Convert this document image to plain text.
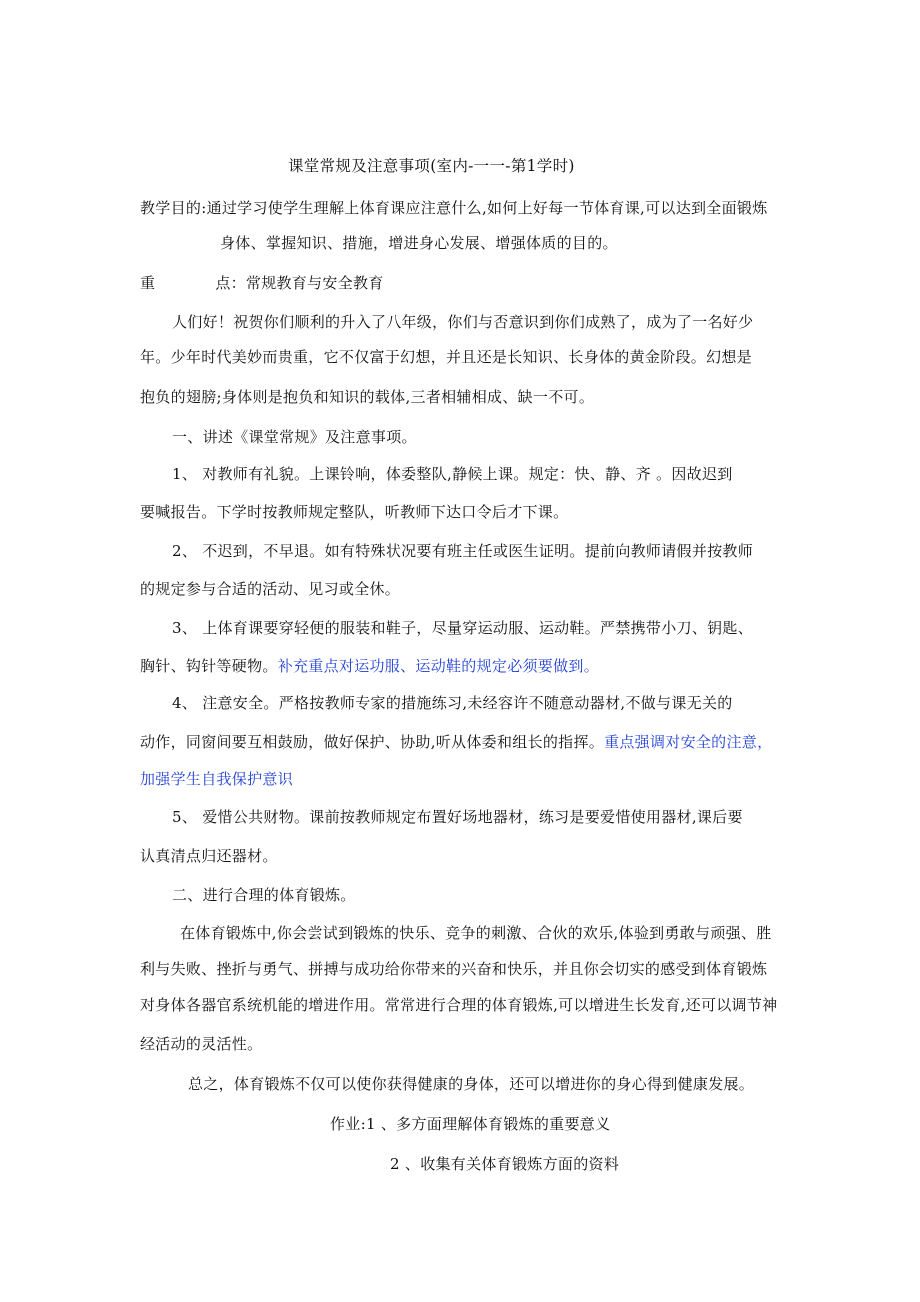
课堂常规及注意事项(室内-一一-第1学时)
教学目的:通过学习使学生理解上体育课应注意什么,如何上好每一节体育课,可以达到全面锻炼
身体、掌握知识、措施，增进身心发展、增强体质的目的。
重	点：常规教育与安全教育
人们好！祝贺你们顺利的升入了八年级，你们与否意识到你们成熟了，成为了一名好少
年。少年时代美妙而贵重，它不仅富于幻想，并且还是长知识、长身体的黄金阶段。幻想是
抱负的翅膀;身体则是抱负和知识的载体,三者相辅相成、缺一不可。
一、讲述《课堂常规》及注意事项。
1、 对教师有礼貌。上课铃响，体委整队,静候上课。规定：快、静、齐 。因故迟到
要喊报告。下学时按教师规定整队，听教师下达口令后才下课。
2、 不迟到，不早退。如有特殊状况要有班主任或医生证明。提前向教师请假并按教师
的规定参与合适的活动、见习或全休。
3、 上体育课要穿轻便的服装和鞋子，尽量穿运动服、运动鞋。严禁携带小刀、钥匙、
胸针、钩针等硬物。补充重点对运功服、运动鞋的规定必须要做到。
4、 注意安全。严格按教师专家的措施练习,未经容许不随意动器材,不做与课无关的
动作，同窗间要互相鼓励，做好保护、协助,听从体委和组长的指挥。重点强调对安全的注意，
加强学生自我保护意识
5、 爱惜公共财物。课前按教师规定布置好场地器材，练习是要爱惜使用器材,课后要
认真清点归还器材。
二、进行合理的体育锻炼。
在体育锻炼中,你会尝试到锻炼的快乐、竞争的刺激、合伙的欢乐,体验到勇敢与顽强、胜
利与失败、挫折与勇气、拼搏与成功给你带来的兴奋和快乐，并且你会切实的感受到体育锻炼
对身体各器官系统机能的增进作用。常常进行合理的体育锻炼,可以增进生长发育,还可以调节神
经活动的灵活性。
总之，体育锻炼不仅可以使你获得健康的身体，还可以增进你的身心得到健康发展。
作业:1 、多方面理解体育锻炼的重要意义
2 、收集有关体育锻炼方面的资料
